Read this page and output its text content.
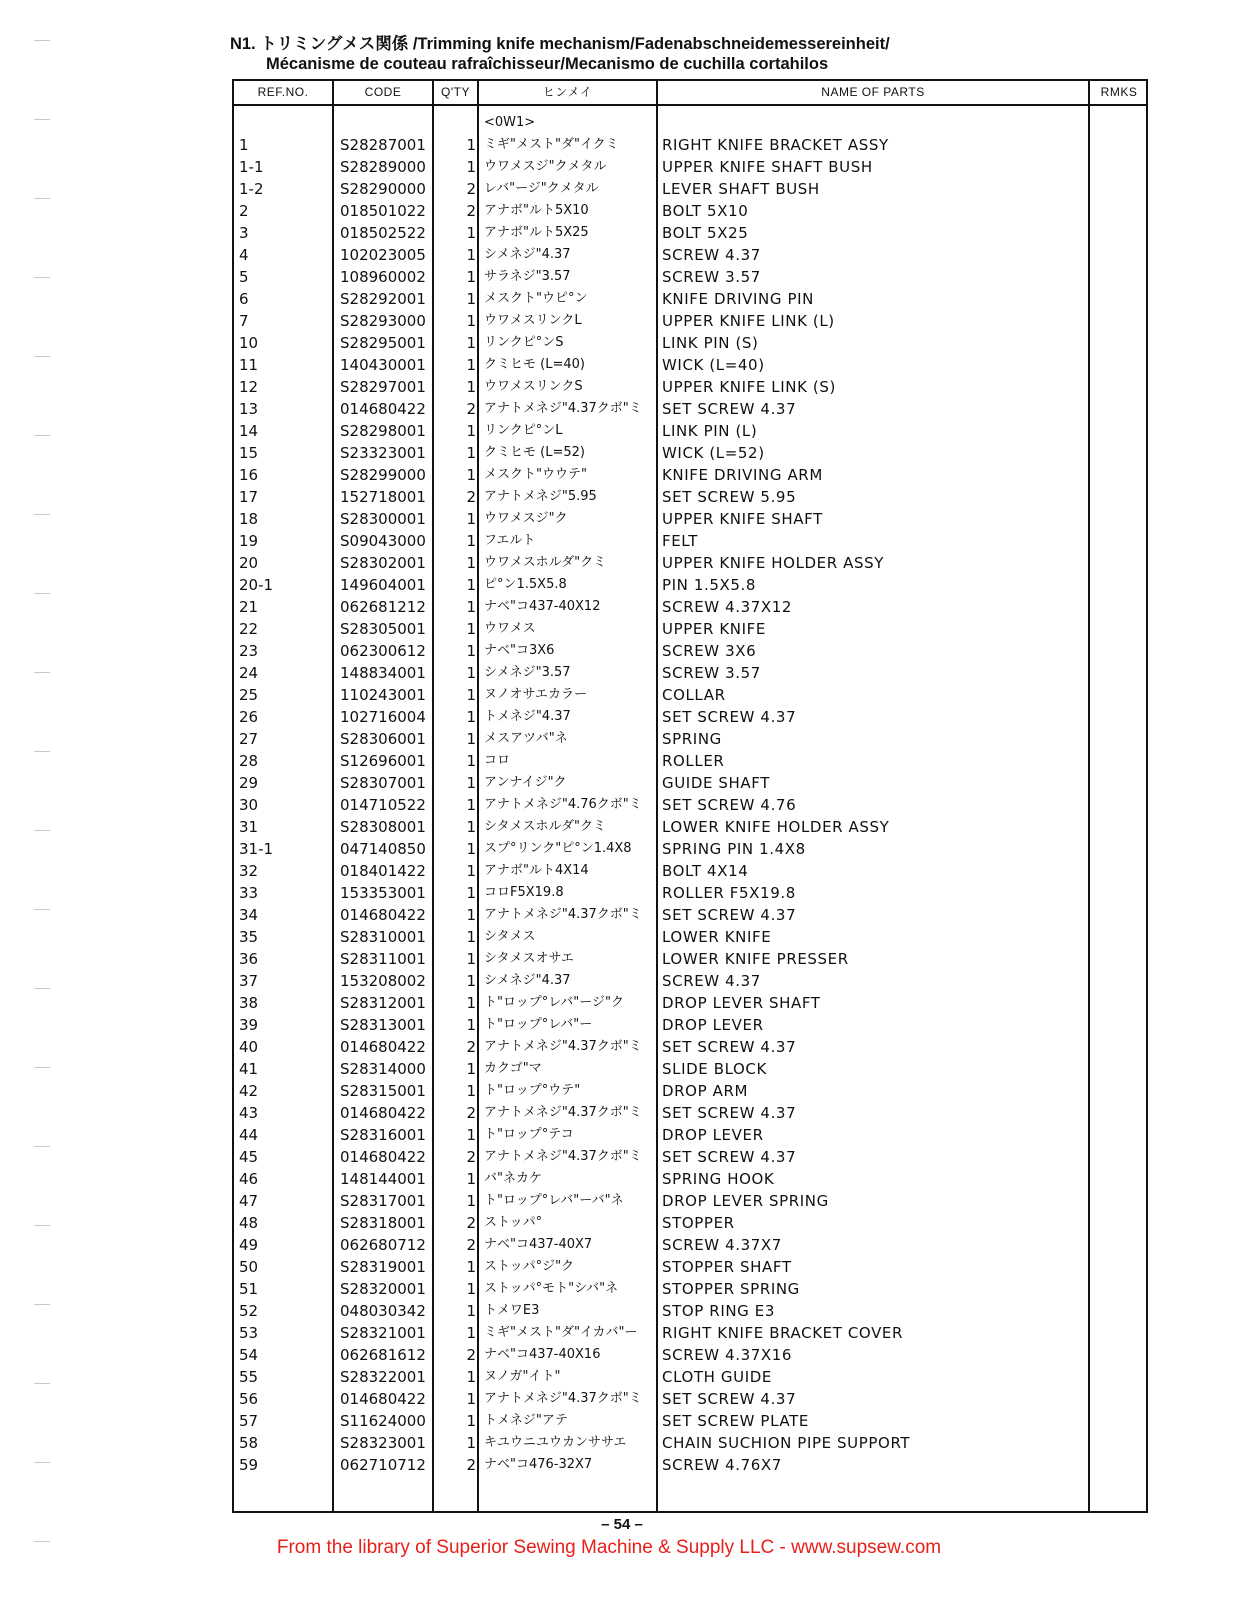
N1. トリミングメス関係 /Trimming knife mechanism/Fadenabschneidemessereinheit/
Mécanisme de couteau rafraîchisseur/Mecanismo de cuchilla cortahilos
REF.NO.	CODE	Q'TY	ヒンメイ	NAME OF PARTS	RMKS
<0W1>
1	S28287001	1 ミギ"メスト"ダ"イクミ	RIGHT KNIFE BRACKET ASSY
1-1	S28289000	1 ウワメスジ"クメタル	UPPER KNIFE SHAFT BUSH
1-2	S28290000	2 レバ"ージ"クメタル	LEVER SHAFT BUSH
2	018501022	2 アナボ"ルト5X10	BOLT 5X10
3	018502522	1 アナボ"ルト5X25	BOLT 5X25
4	102023005	1 シメネジ"4.37	SCREW 4.37
5	108960002	1 サラネジ"3.57	SCREW 3.57
6	S28292001	1 メスクト"ウピ°ン	KNIFE DRIVING PIN
7	S28293000	1 ウワメスリンクL	UPPER KNIFE LINK (L)
10	S28295001	1 リンクピ°ンS	LINK PIN (S)
11	140430001	1 クミヒモ (L=40)	WICK (L=40)
12	S28297001	1 ウワメスリンクS	UPPER KNIFE LINK (S)
13	014680422	2 アナトメネジ"4.37クボ"ミ	SET SCREW 4.37
14	S28298001	1 リンクピ°ンL	LINK PIN (L)
15	S23323001	1 クミヒモ (L=52)	WICK (L=52)
16	S28299000	1 メスクト"ウウテ"	KNIFE DRIVING ARM
17	152718001	2 アナトメネジ"5.95	SET SCREW 5.95
18	S28300001	1 ウワメスジ"ク	UPPER KNIFE SHAFT
19	S09043000	1 フエルト	FELT
20	S28302001	1 ウワメスホルダ"クミ	UPPER KNIFE HOLDER ASSY
20-1	149604001	1 ピ°ン1.5X5.8	PIN 1.5X5.8
21	062681212	1 ナベ"コ437-40X12	SCREW 4.37X12
22	S28305001	1 ウワメス	UPPER KNIFE
23	062300612	1 ナベ"コ3X6	SCREW 3X6
24	148834001	1 シメネジ"3.57	SCREW 3.57
25	110243001	1 ヌノオサエカラー	COLLAR
26	102716004	1 トメネジ"4.37	SET SCREW 4.37
27	S28306001	1 メスアツバ"ネ	SPRING
28	S12696001	1 コロ	ROLLER
29	S28307001	1 アンナイジ"ク	GUIDE SHAFT
30	014710522	1 アナトメネジ"4.76クボ"ミ	SET SCREW 4.76
31	S28308001	1 シタメスホルダ"クミ	LOWER KNIFE HOLDER ASSY
31-1	047140850	1 スプ°リンク"ピ°ン1.4X8	SPRING PIN 1.4X8
32	018401422	1 アナボ"ルト4X14	BOLT 4X14
33	153353001	1 コロF5X19.8	ROLLER F5X19.8
34	014680422	1 アナトメネジ"4.37クボ"ミ	SET SCREW 4.37
35	S28310001	1 シタメス	LOWER KNIFE
36	S28311001	1 シタメスオサエ	LOWER KNIFE PRESSER
37	153208002	1 シメネジ"4.37	SCREW 4.37
38	S28312001	1 ト"ロップ°レバ"ージ"ク	DROP LEVER SHAFT
39	S28313001	1 ト"ロップ°レバ"ー	DROP LEVER
40	014680422	2 アナトメネジ"4.37クボ"ミ	SET SCREW 4.37
41	S28314000	1 カクゴ"マ	SLIDE BLOCK
42	S28315001	1 ト"ロップ°ウテ"	DROP ARM
43	014680422	2 アナトメネジ"4.37クボ"ミ	SET SCREW 4.37
44	S28316001	1 ト"ロップ°テコ	DROP LEVER
45	014680422	2 アナトメネジ"4.37クボ"ミ	SET SCREW 4.37
46	148144001	1 バ"ネカケ	SPRING HOOK
47	S28317001	1 ト"ロップ°レバ"ーバ"ネ	DROP LEVER SPRING
48	S28318001	2 ストッパ°	STOPPER
49	062680712	2 ナベ"コ437-40X7	SCREW 4.37X7
50	S28319001	1 ストッパ°ジ"ク	STOPPER SHAFT
51	S28320001	1 ストッパ°モト"シバ"ネ	STOPPER SPRING
52	048030342	1 トメワE3	STOP RING E3
53	S28321001	1 ミギ"メスト"ダ"イカバ"ー	RIGHT KNIFE BRACKET COVER
54	062681612	2 ナベ"コ437-40X16	SCREW 4.37X16
55	S28322001	1 ヌノガ"イト"	CLOTH GUIDE
56	014680422	1 アナトメネジ"4.37クボ"ミ	SET SCREW 4.37
57	S11624000	1 トメネジ"アテ	SET SCREW PLATE
58	S28323001	1 キユウニユウカンササエ	CHAIN SUCHION PIPE SUPPORT
59	062710712	2 ナベ"コ476-32X7	SCREW 4.76X7
– 54 –
From the library of Superior Sewing Machine & Supply LLC - www.supsew.com
